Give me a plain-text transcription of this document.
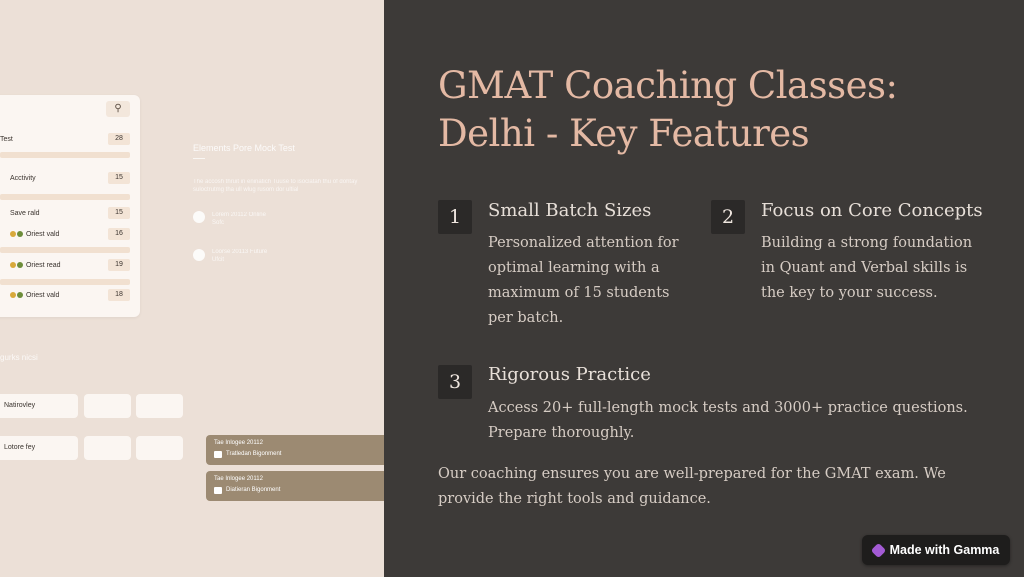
⚲
Test	28
Acctivity	15
Save rald	15
Oriest vald	16
Oriest read	19
Oriest vald	18
Elements Pore Mock Test
The accosh thruit in eninatich Tuuse to isoclatah thu of dohtay suloctrutmg tha ull wlug rusom dor ultial
Lorem 20112 Online Sofc
Loorse 20113 Future Ufcit
gurks nicsi
Natirovley
Lotore fey
Tae Inlogee 20112
Tratledan Bigonment
Tae Inlogee 20112
Diatieran Bigonment
GMAT Coaching Classes: Delhi - Key Features
1	Small Batch Sizes
Personalized attention for optimal learning with a maximum of 15 students per batch.
2	Focus on Core Concepts
Building a strong foundation in Quant and Verbal skills is the key to your success.
3	Rigorous Practice
Access 20+ full-length mock tests and 3000+ practice questions. Prepare thoroughly.
Our coaching ensures you are well-prepared for the GMAT exam. We provide the right tools and guidance.
Made with Gamma
